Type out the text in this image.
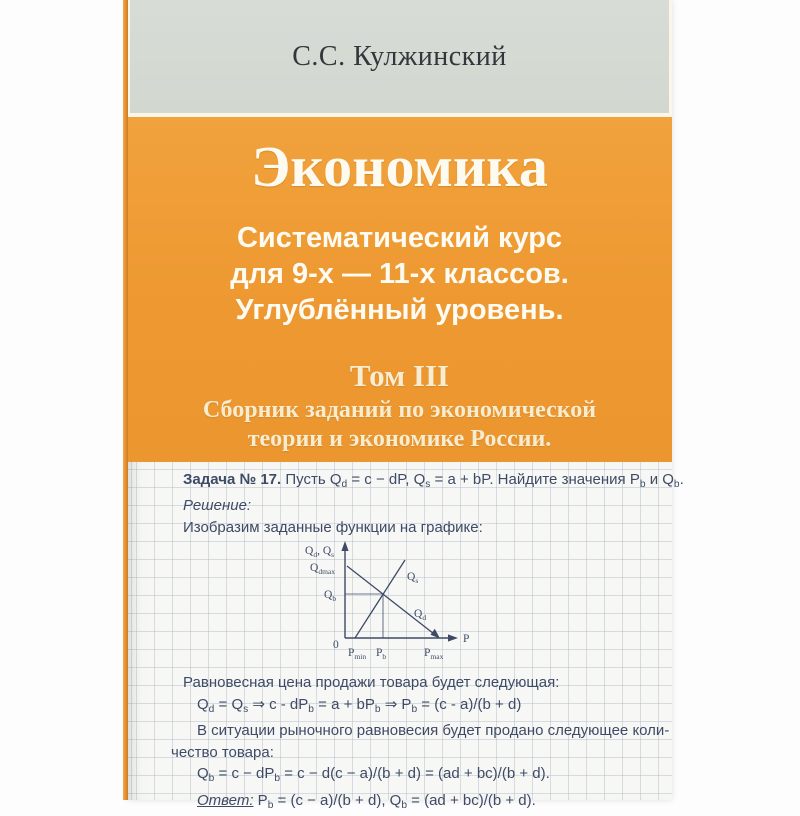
С.С. Кулжинский
Экономика
Систематический курс
для 9-х — 11-х классов.
Углублённый уровень.
Том III
Сборник заданий по экономической
теории и экономике России.
Задача № 17. Пусть $Q_d = c$ − dP, $Q_s = a$ + bP. Найдите значения $P_b$ и $Q_b$.
Решение:
Изобразим заданные функции на графике:
$Q_d$, $Q_s$
$Q_{dmax}$
$Q_b$
0
$Q_s$
$Q_d$
P
$P_{min}$ $P_b$	$P_{max}$
Равновесная цена продажи товара будет следующая:
$Q_d = Q_s$ ⇒ $c - dP_b = a + bP_b$ ⇒ $P_b = (c - a)/(b + d)$
В ситуации рыночного равновесия будет продано следующее коли-
чество товара:
$Q_b = c - dP_b = c - d(c - a)/(b + d) = (ad + bc)/(b + d)$.
Ответ: $P_b = (c - a)/(b + d)$, $Q_b = (ad + bc)/(b + d)$.
